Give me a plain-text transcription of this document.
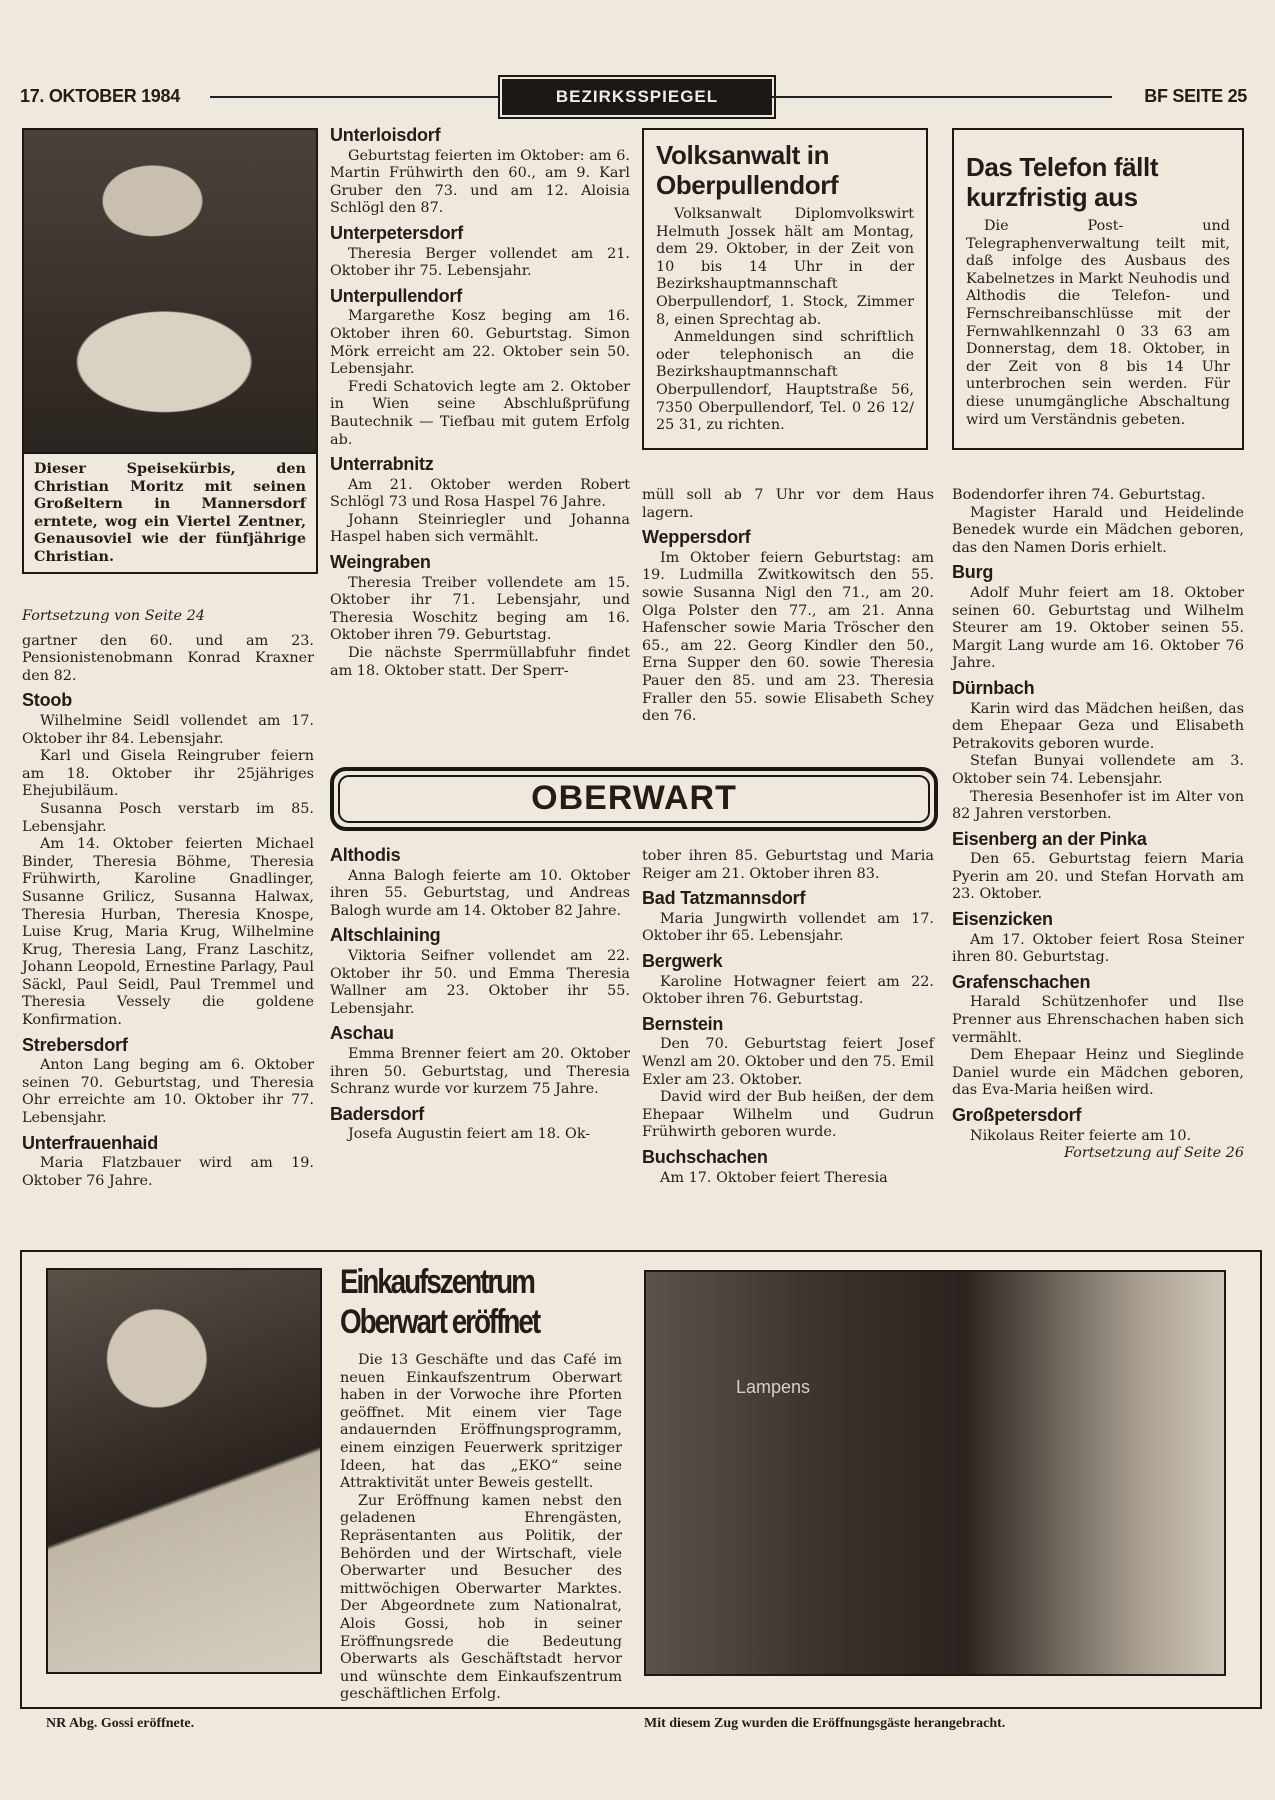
17. OKTOBER 1984	BEZIRKSSPIEGEL	BF SEITE 25
Dieser Speisekürbis, den Christian Moritz mit seinen Großeltern in Mannersdorf erntete, wog ein Viertel Zentner, Genausoviel wie der fünfjährige Christian.

Fortsetzung von Seite 24

gartner den 60. und am 23. Pensionistenobmann Konrad Kraxner den 82.

Stoob

Wilhelmine Seidl vollendet am 17. Oktober ihr 84. Lebensjahr.

Karl und Gisela Reingruber feiern am 18. Oktober ihr 25jähriges Ehejubiläum.

Susanna Posch verstarb im 85. Lebensjahr.

Am 14. Oktober feierten Michael Binder, Theresia Böhme, Theresia Frühwirth, Karoline Gnadlinger, Susanne Grilicz, Susanna Halwax, Theresia Hurban, Theresia Knospe, Luise Krug, Maria Krug, Wilhelmine Krug, Theresia Lang, Franz Laschitz, Johann Leopold, Ernestine Parlagy, Paul Säckl, Paul Seidl, Paul Tremmel und Theresia Vessely die goldene Konfirmation.

Strebersdorf

Anton Lang beging am 6. Oktober seinen 70. Geburtstag, und Theresia Ohr erreichte am 10. Oktober ihr 77. Lebensjahr.

Unterfrauenhaid

Maria Flatzbauer wird am 19. Oktober 76 Jahre.

Unterloisdorf

Geburtstag feierten im Oktober: am 6. Martin Frühwirth den 60., am 9. Karl Gruber den 73. und am 12. Aloisia Schlögl den 87.

Unterpetersdorf

Theresia Berger vollendet am 21. Oktober ihr 75. Lebensjahr.

Unterpullendorf

Margarethe Kosz beging am 16. Oktober ihren 60. Geburtstag. Simon Mörk erreicht am 22. Oktober sein 50. Lebensjahr.

Fredi Schatovich legte am 2. Oktober in Wien seine Abschlußprüfung Bautechnik — Tiefbau mit gutem Erfolg ab.

Unterrabnitz

Am 21. Oktober werden Robert Schlögl 73 und Rosa Haspel 76 Jahre.

Johann Steinriegler und Johanna Haspel haben sich vermählt.

Weingraben

Theresia Treiber vollendete am 15. Oktober ihr 71. Lebensjahr, und Theresia Woschitz beging am 16. Oktober ihren 79. Geburtstag.

Die nächste Sperrmüllabfuhr findet am 18. Oktober statt. Der Sperr-

Volksanwalt in Oberpullendorf

Volksanwalt Diplomvolkswirt Helmuth Jossek hält am Montag, dem 29. Oktober, in der Zeit von 10 bis 14 Uhr in der Bezirkshauptmannschaft Oberpullendorf, 1. Stock, Zimmer 8, einen Sprechtag ab.

Anmeldungen sind schriftlich oder telephonisch an die Bezirkshauptmannschaft Oberpullendorf, Hauptstraße 56, 7350 Oberpullendorf, Tel. 0 26 12/ 25 31, zu richten.

Das Telefon fällt kurzfristig aus

Die Post- und Telegraphenverwaltung teilt mit, daß infolge des Ausbaus des Kabelnetzes in Markt Neuhodis und Althodis die Telefon- und Fernschreibanschlüsse mit der Fernwahlkennzahl 0 33 63 am Donnerstag, dem 18. Oktober, in der Zeit von 8 bis 14 Uhr unterbrochen sein werden. Für diese unumgängliche Abschaltung wird um Verständnis gebeten.

müll soll ab 7 Uhr vor dem Haus lagern.

Weppersdorf

Im Oktober feiern Geburtstag: am 19. Ludmilla Zwitkowitsch den 55. sowie Susanna Nigl den 71., am 20. Olga Polster den 77., am 21. Anna Hafenscher sowie Maria Tröscher den 65., am 22. Georg Kindler den 50., Erna Supper den 60. sowie Theresia Pauer den 85. und am 23. Theresia Fraller den 55. sowie Elisabeth Schey den 76.

Bodendorfer ihren 74. Geburtstag.

Magister Harald und Heidelinde Benedek wurde ein Mädchen geboren, das den Namen Doris erhielt.

Burg

Adolf Muhr feiert am 18. Oktober seinen 60. Geburtstag und Wilhelm Steurer am 19. Oktober seinen 55. Margit Lang wurde am 16. Oktober 76 Jahre.

Dürnbach

Karin wird das Mädchen heißen, das dem Ehepaar Geza und Elisabeth Petrakovits geboren wurde.

Stefan Bunyai vollendete am 3. Oktober sein 74. Lebensjahr.

Theresia Besenhofer ist im Alter von 82 Jahren verstorben.

Eisenberg an der Pinka

Den 65. Geburtstag feiern Maria Pyerin am 20. und Stefan Horvath am 23. Oktober.

Eisenzicken

Am 17. Oktober feiert Rosa Steiner ihren 80. Geburtstag.

Grafenschachen

Harald Schützenhofer und Ilse Prenner aus Ehrenschachen haben sich vermählt.

Dem Ehepaar Heinz und Sieglinde Daniel wurde ein Mädchen geboren, das Eva-Maria heißen wird.

Großpetersdorf

Nikolaus Reiter feierte am 10.

Fortsetzung auf Seite 26

OBERWART
Althodis

Anna Balogh feierte am 10. Oktober ihren 55. Geburtstag, und Andreas Balogh wurde am 14. Oktober 82 Jahre.

Altschlaining

Viktoria Seifner vollendet am 22. Oktober ihr 50. und Emma Theresia Wallner am 23. Oktober ihr 55. Lebensjahr.

Aschau

Emma Brenner feiert am 20. Oktober ihren 50. Geburtstag, und Theresia Schranz wurde vor kurzem 75 Jahre.

Badersdorf

Josefa Augustin feiert am 18. Ok-

tober ihren 85. Geburtstag und Maria Reiger am 21. Oktober ihren 83.

Bad Tatzmannsdorf

Maria Jungwirth vollendet am 17. Oktober ihr 65. Lebensjahr.

Bergwerk

Karoline Hotwagner feiert am 22. Oktober ihren 76. Geburtstag.

Bernstein

Den 70. Geburtstag feiert Josef Wenzl am 20. Oktober und den 75. Emil Exler am 23. Oktober.

David wird der Bub heißen, der dem Ehepaar Wilhelm und Gudrun Frühwirth geboren wurde.

Buchschachen

Am 17. Oktober feiert Theresia

NR Abg. Gossi eröffnete.
Einkaufszentrum
Oberwart eröffnet

Die 13 Geschäfte und das Café im neuen Einkaufszentrum Oberwart haben in der Vorwoche ihre Pforten geöffnet. Mit einem vier Tage andauernden Eröffnungsprogramm, einem einzigen Feuerwerk spritziger Ideen, hat das „EKO“ seine Attraktivität unter Beweis gestellt.

Zur Eröffnung kamen nebst den geladenen Ehrengästen, Repräsentanten aus Politik, der Behörden und der Wirtschaft, viele Oberwarter und Besucher des mittwöchigen Oberwarter Marktes. Der Abgeordnete zum Nationalrat, Alois Gossi, hob in seiner Eröffnungsrede die Bedeutung Oberwarts als Geschäftstadt hervor und wünschte dem Einkaufszentrum geschäftlichen Erfolg.

Lampens
Mit diesem Zug wurden die Eröffnungsgäste herangebracht.
